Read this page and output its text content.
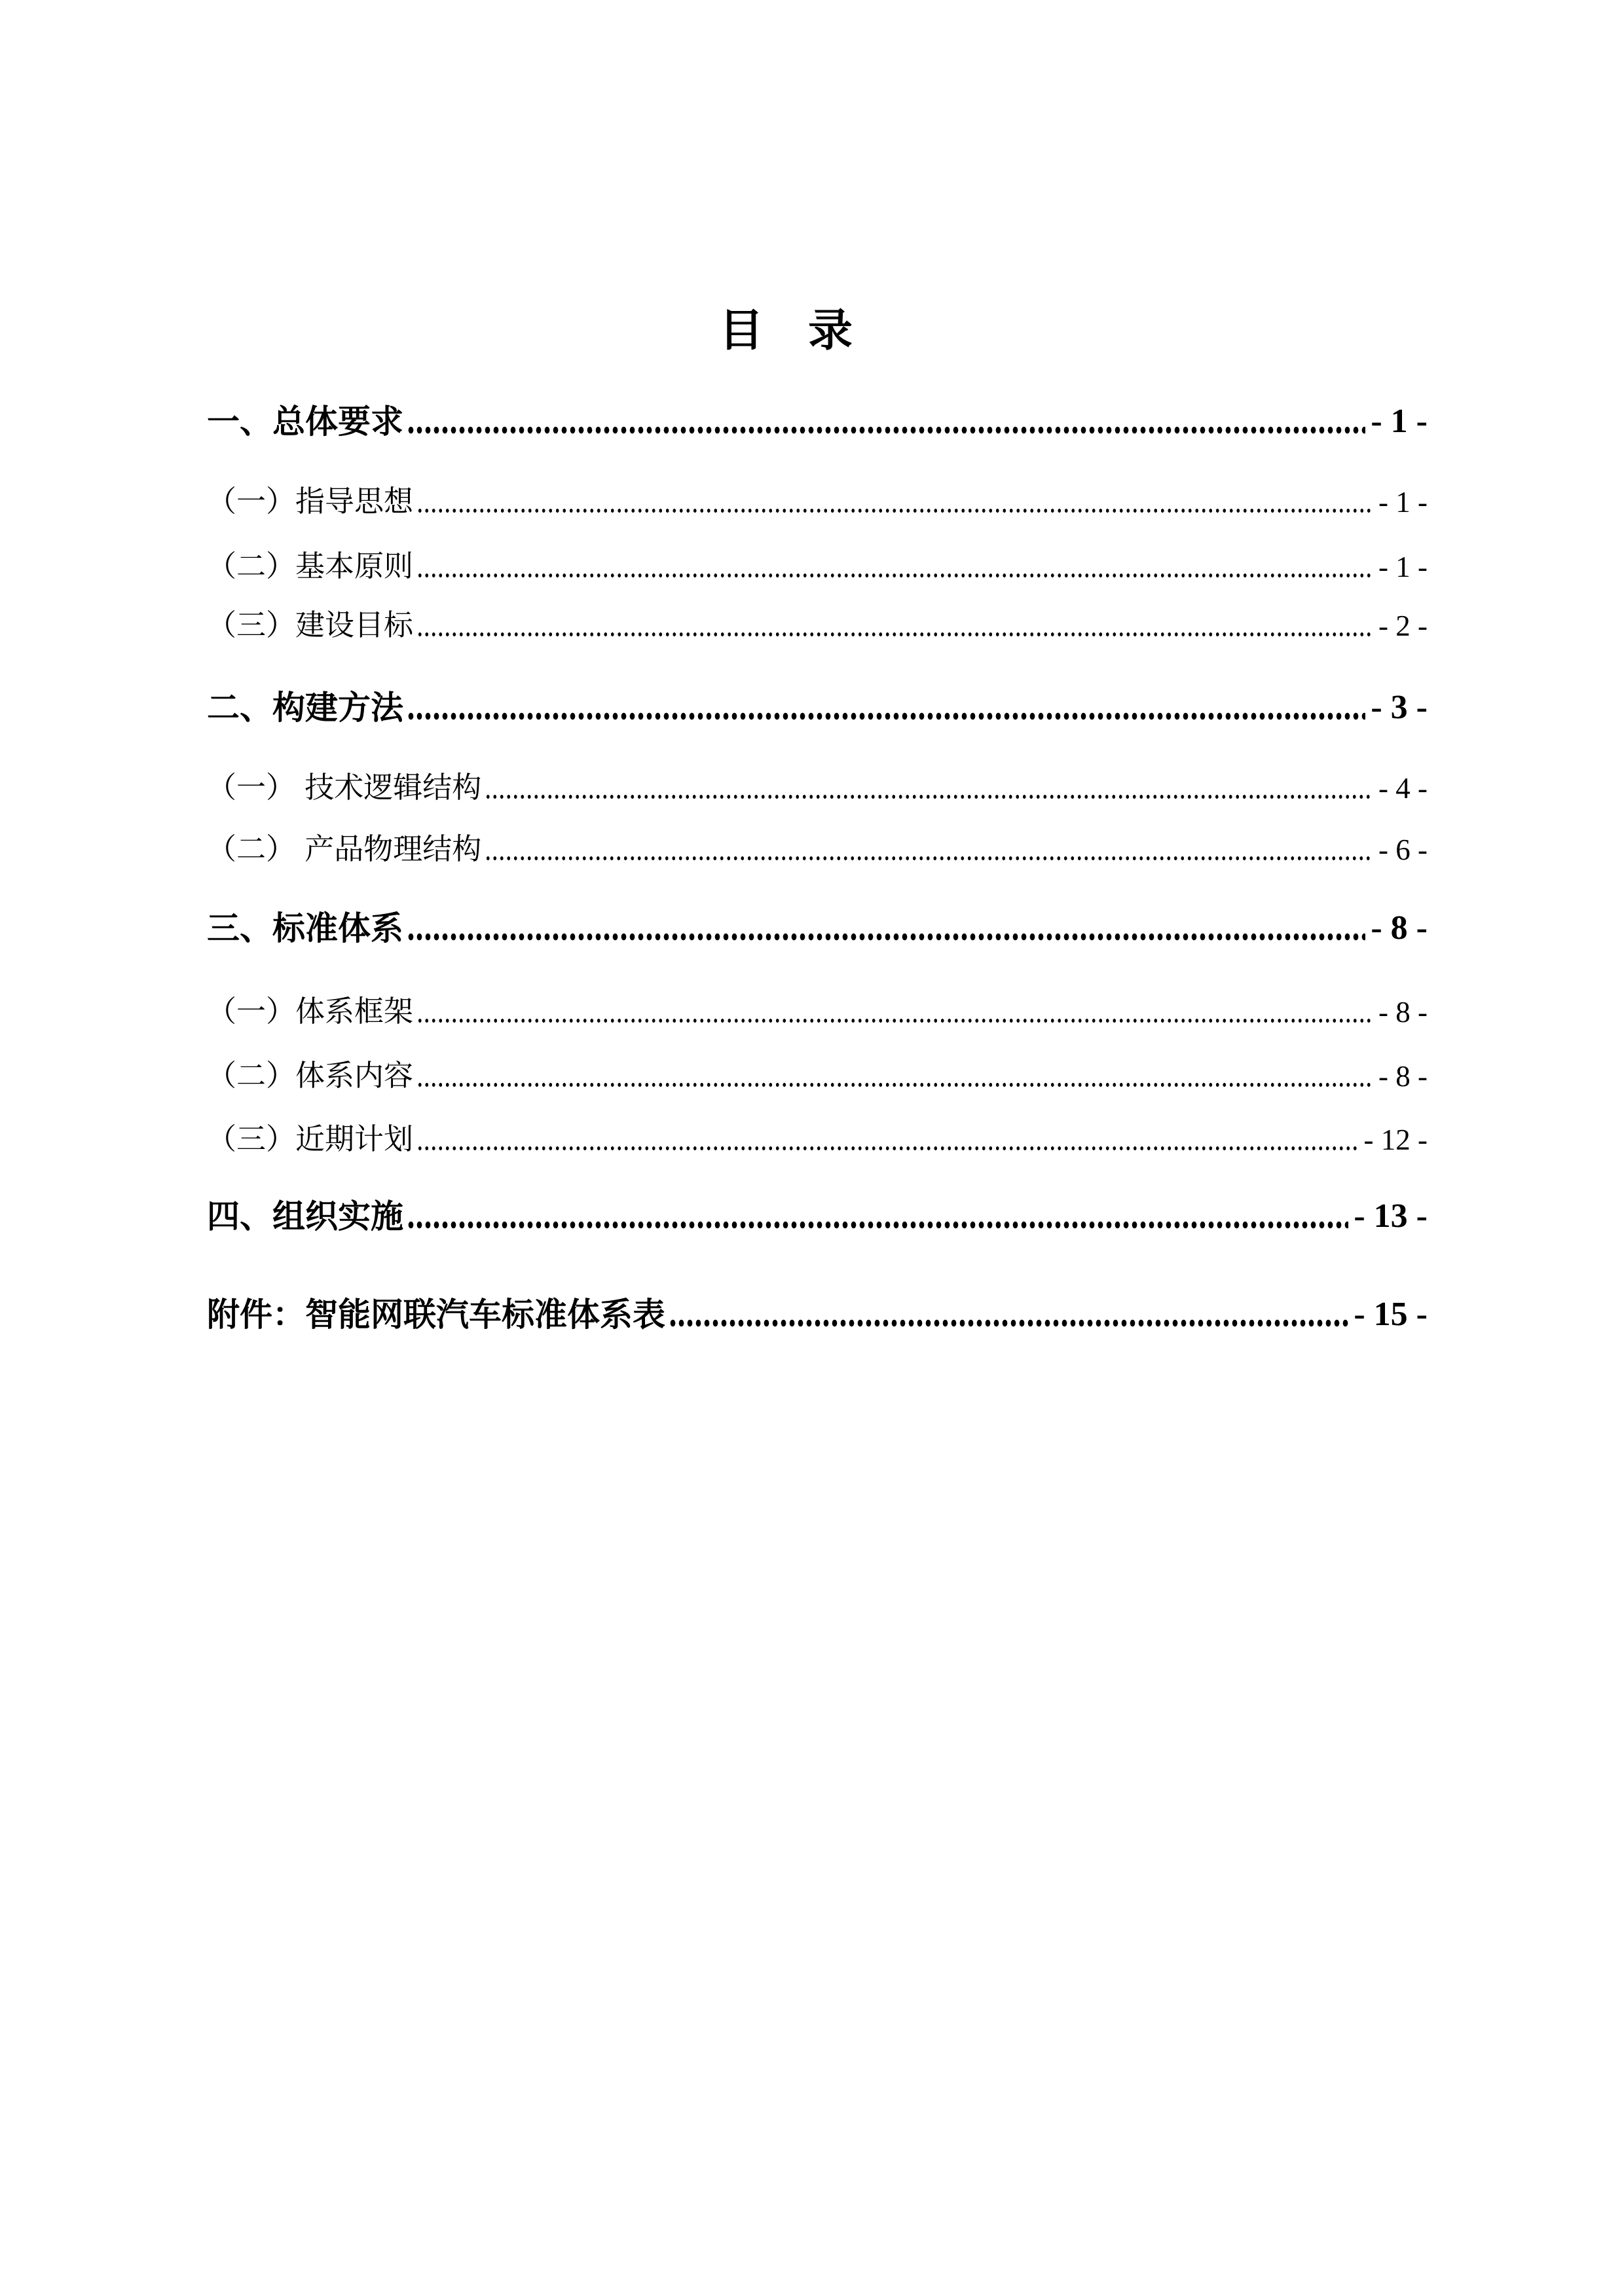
目　录
一、总体要求	- 1 -
（一）指导思想	- 1 -
（二）基本原则	- 1 -
（三）建设目标	- 2 -
二、构建方法	- 3 -
（一） 技术逻辑结构	- 4 -
（二） 产品物理结构	- 6 -
三、标准体系	- 8 -
（一）体系框架	- 8 -
（二）体系内容	- 8 -
（三）近期计划	- 12 -
四、组织实施	- 13 -
附件：智能网联汽车标准体系表	- 15 -
